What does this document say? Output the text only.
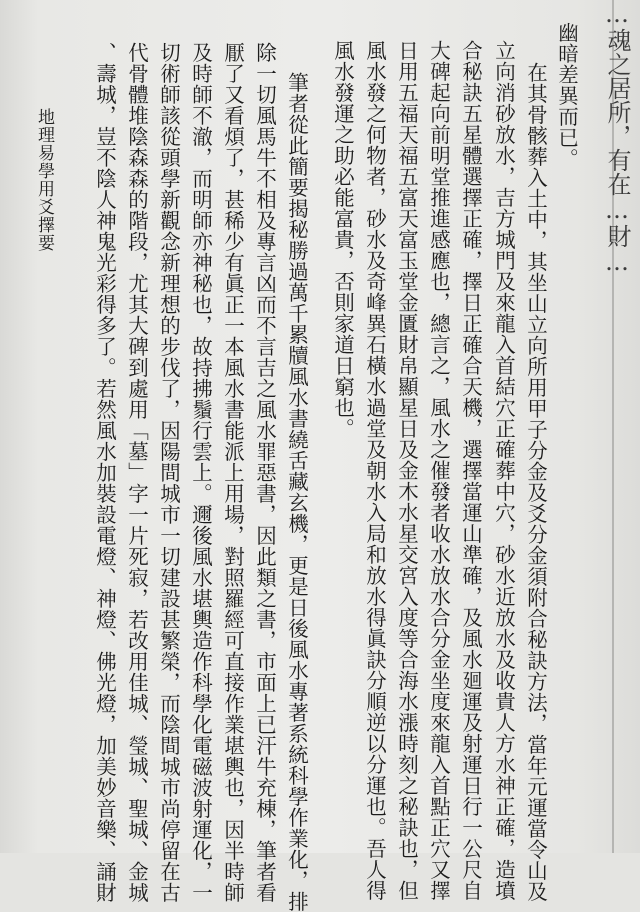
…魂之居所，有在…財…
幽暗差異而已。
在其骨骸葬入土中，其坐山立向所用甲子分金及爻分金須附合秘訣方法，當年元運當令山及
立向消砂放水，吉方城門及來龍入首結穴正確葬中穴，砂水近放水及收貴人方水神正確，造墳
合秘訣五星體選擇正確，擇日正確合天機，選擇當運山準確，及風水廻運及射運日行一公尺自
大碑起向前明堂推進感應也，總言之，風水之催發者收水放水合分金坐度來龍入首點正穴又擇
日用五福天福五富天富玉堂金匱財帛顯星日及金木水星交宮入度等合海水漲時刻之秘訣也，但
風水發之何物者，砂水及奇峰異石橫水過堂及朝水入局和放水得眞訣分順逆以分運也。吾人得
風水發運之助必能富貴，否則家道日窮也。
筆者從此簡要揭秘勝過萬千累牘風水書繞舌藏玄機，更是日後風水專著系統科學作業化，排
除一切風馬牛不相及專言凶而不言吉之風水罪惡書，因此類之書，市面上已汗牛充棟，筆者看
厭了又看煩了，甚稀少有眞正一本風水書能派上用場，對照羅經可直接作業堪輿也，因半時師
及時師不澈，而明師亦神秘也，故持拂鬚行雲上。邇後風水堪輿造作科學化電磁波射運化，一
切術師該從頭學新觀念新理想的步伐了，因陽間城市一切建設甚繁榮，而陰間城市尚停留在古
代骨體堆陰森森的階段，尤其大碑到處用「墓」字一片死寂，若改用佳城、瑩城、聖城、金城
、壽城，豈不陰人神鬼光彩得多了。若然風水加裝設電燈、神燈、佛光燈，加美妙音樂、誦財
地理易學用爻擇要
